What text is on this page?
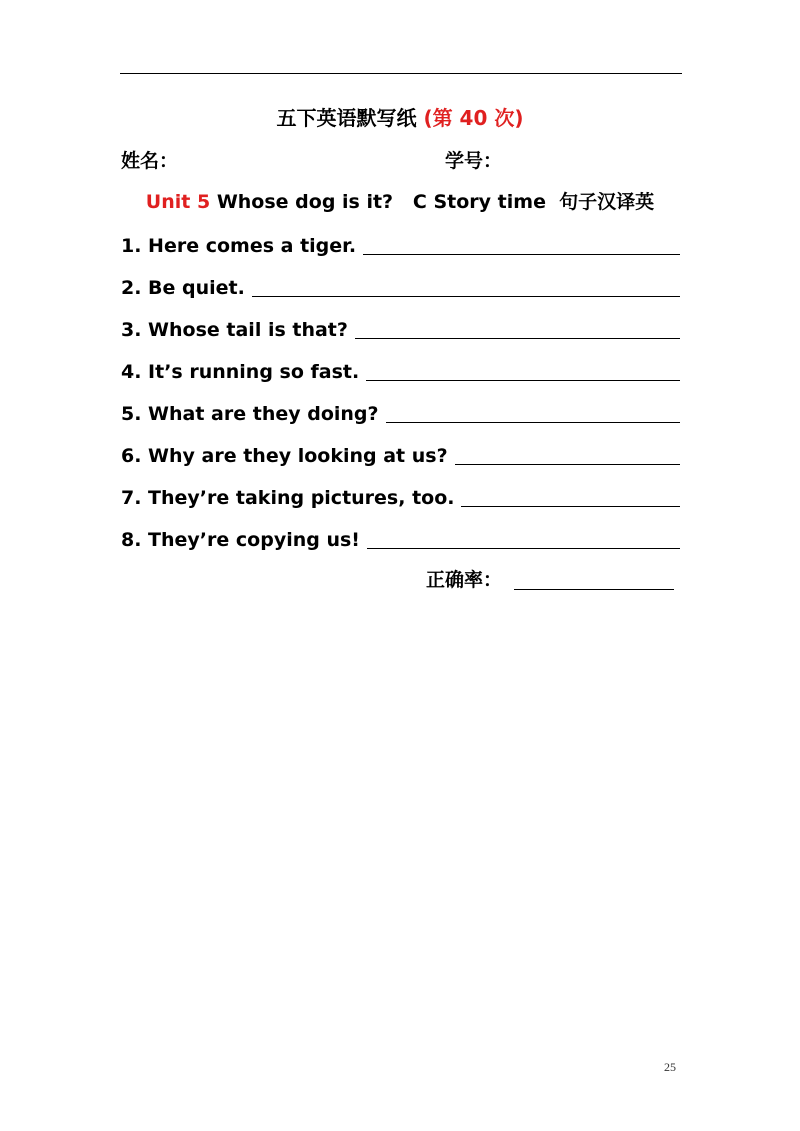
五下英语默写纸 (第 40 次)
姓名：	学号：
Unit 5 Whose dog is it?   C Story time  句子汉译英
1. Here comes a tiger.
2. Be quiet.
3. Whose tail is that?
4. It’s running so fast.
5. What are they doing?
6. Why are they looking at us?
7. They’re taking pictures, too.
8. They’re copying us!
正确率：
25
